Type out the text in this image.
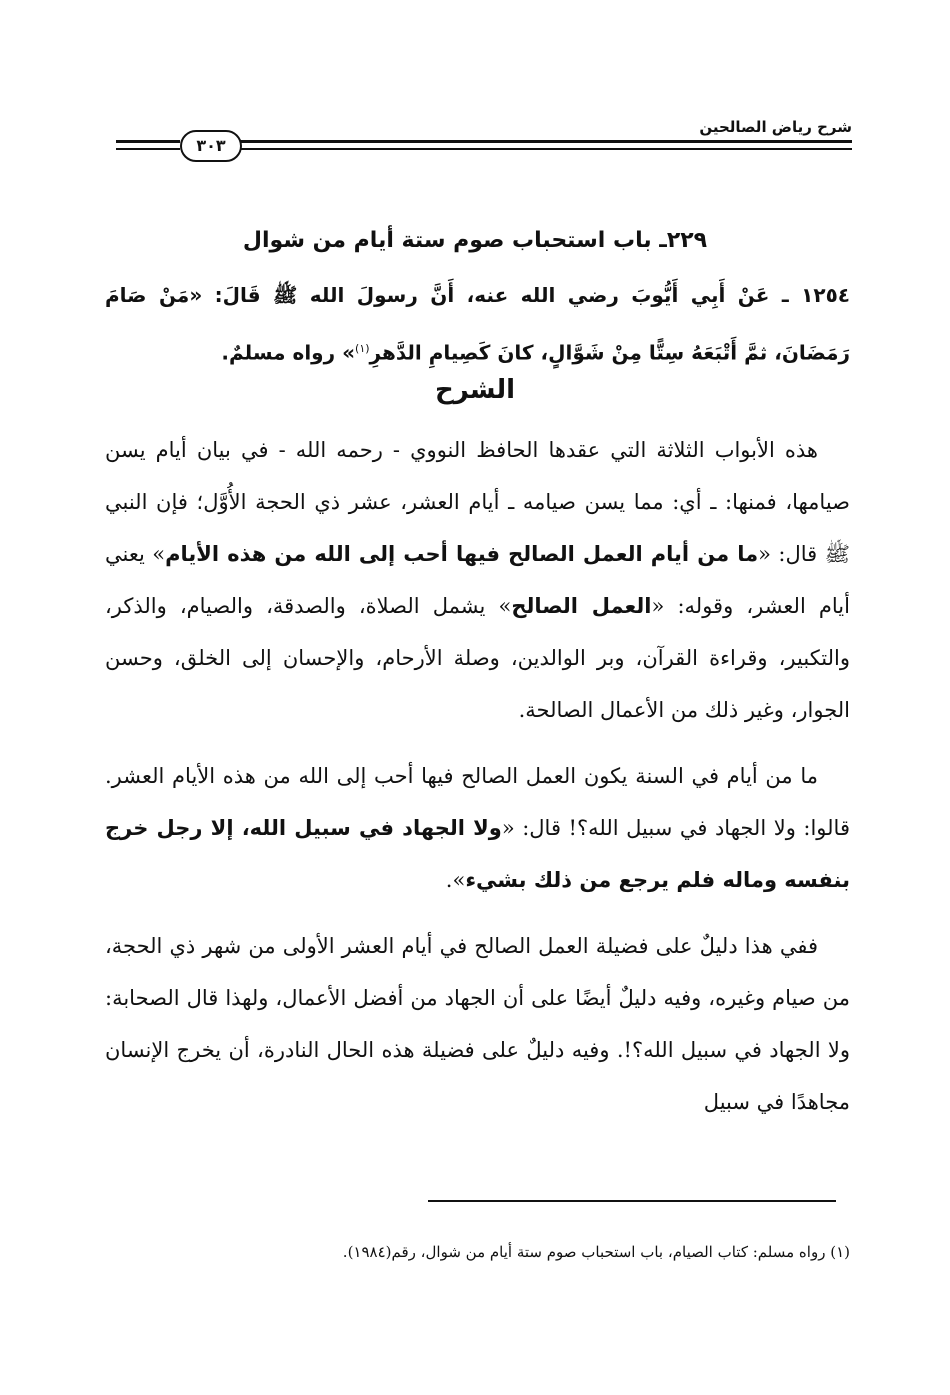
شرح رياض الصالحين
٣٠٣
٢٢٩ـ باب استحباب صوم ستة أيام من شوال
١٢٥٤ ـ عَنْ أَبِي أَيُّوبَ رضي الله عنه، أَنَّ رسولَ الله ﷺ قَالَ: «مَنْ صَامَ رَمَضَانَ، ثمَّ أَتْبَعَهُ سِتًّا مِنْ شَوَّالٍ، كانَ كَصِيامِ الدَّهرِ$^{(١)}$» رواه مسلمٌ.
الشرح

هذه الأبواب الثلاثة التي عقدها الحافظ النووي - رحمه الله - في بيان أيام يسن صيامها، فمنها: ـ أي: مما يسن صيامه ـ أيام العشر، عشر ذي الحجة الأُوَّل؛ فإن النبي ﷺ قال: «ما من أيام العمل الصالح فيها أحب إلى الله من هذه الأيام» يعني أيام العشر، وقوله: «العمل الصالح» يشمل الصلاة، والصدقة، والصيام، والذكر، والتكبير، وقراءة القرآن، وبر الوالدين، وصلة الأرحام، والإحسان إلى الخلق، وحسن الجوار، وغير ذلك من الأعمال الصالحة.

ما من أيام في السنة يكون العمل الصالح فيها أحب إلى الله من هذه الأيام العشر. قالوا: ولا الجهاد في سبيل الله؟! قال: «ولا الجهاد في سبيل الله، إلا رجل خرج بنفسه وماله فلم يرجع من ذلك بشيء».

ففي هذا دليلٌ على فضيلة العمل الصالح في أيام العشر الأولى من شهر ذي الحجة، من صيام وغيره، وفيه دليلٌ أيضًا على أن الجهاد من أفضل الأعمال، ولهذا قال الصحابة: ولا الجهاد في سبيل الله؟!. وفيه دليلٌ على فضيلة هذه الحال النادرة، أن يخرج الإنسان مجاهدًا في سبيل

(١) رواه مسلم: كتاب الصيام، باب استحباب صوم ستة أيام من شوال، رقم(١٩٨٤).
